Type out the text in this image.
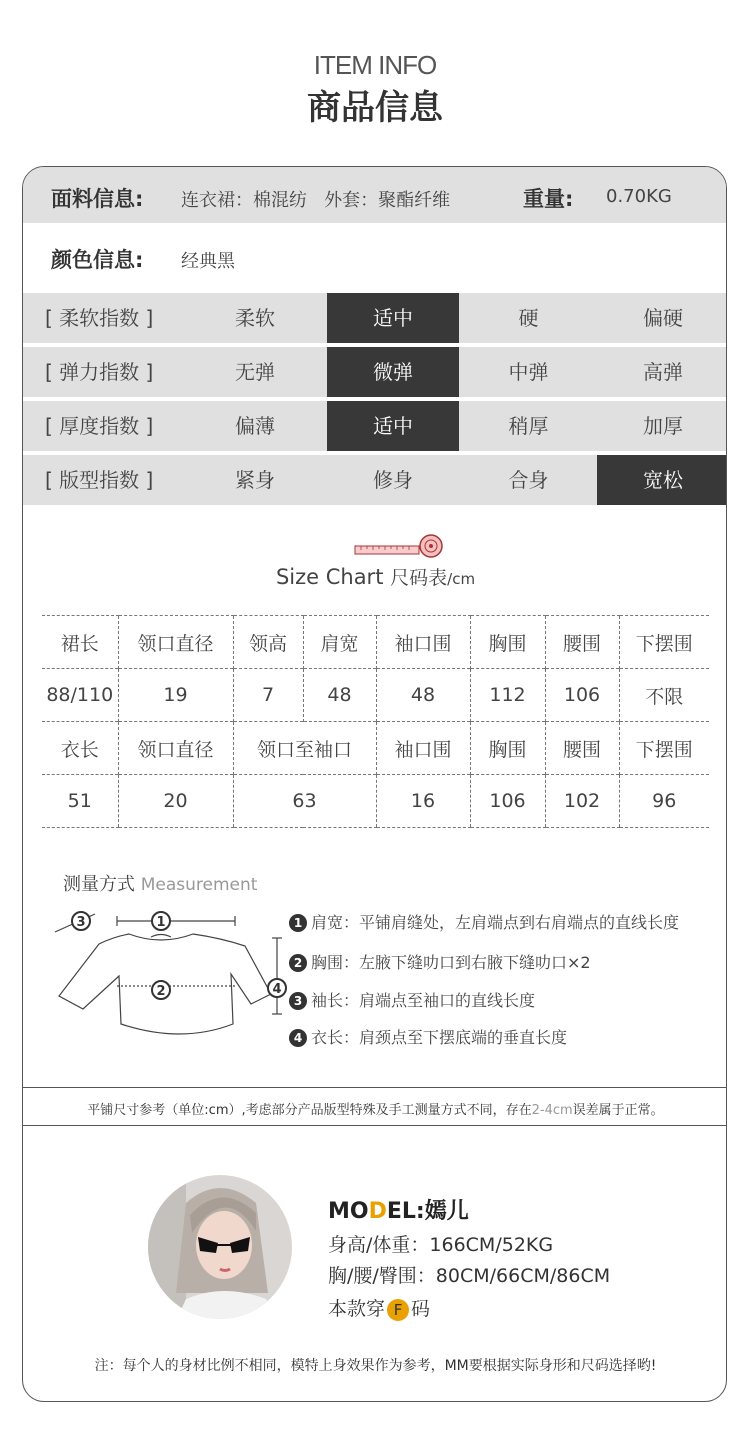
ITEM INFO
商品信息
面料信息: 连衣裙：棉混纺   外套：聚酯纤维	重量: 0.70KG
颜色信息: 经典黑
[ 柔软指数 ]	柔软	适中	硬	偏硬
[ 弹力指数 ]	无弹	微弹	中弹	高弹
[ 厚度指数 ]	偏薄	适中	稍厚	加厚
[ 版型指数 ]	紧身	修身	合身	宽松
Size Chart 尺码表/cm
裙长	领口直径	领高	肩宽	袖口围	胸围	腰围	下摆围
88/110	19	7	48	48	112	106	不限
衣长	领口直径	领口至袖口		袖口围	胸围	腰围	下摆围
51	20	63		16	106	102	96
测量方式 Measurement
1
2
3
4
1 肩宽：平铺肩缝处，左肩端点到右肩端点的直线长度
2 胸围：左腋下缝叻口到右腋下缝叻口×2
3 袖长：肩端点至袖口的直线长度
4 衣长：肩颈点至下摆底端的垂直长度
平铺尺寸参考（单位:cm）,考虑部分产品版型特殊及手工测量方式不同，存在2-4cm误差属于正常。
MODEL:嫣儿
身高/体重：166CM/52KG
胸/腰/臀围：80CM/66CM/86CM
本款穿 F 码
注：每个人的身材比例不相同，模特上身效果作为参考，MM要根据实际身形和尺码选择哟!
